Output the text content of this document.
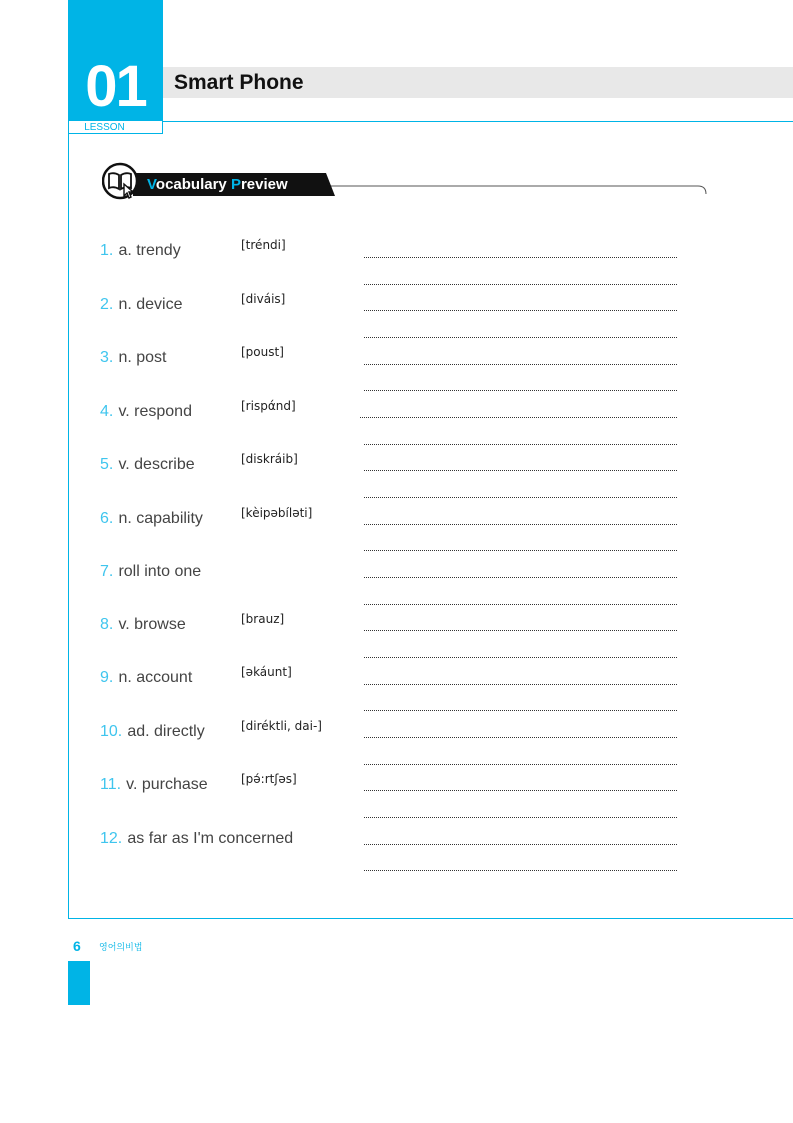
01
LESSON
Smart Phone
Vocabulary Preview
1. a. trendy	[tréndi]
2. n. device	[diváis]
3. n. post	[poust]
4. v. respond	[rispάnd]
5. v. describe	[diskráib]
6. n. capability	[kèipəbíləti]
7. roll into one
8. v. browse	[brauz]
9. n. account	[əkáunt]
10. ad. directly	[diréktli, dai-]
11. v. purchase	[pə́:rtʃəs]
12. as far as I'm concerned
6 영어의비법
